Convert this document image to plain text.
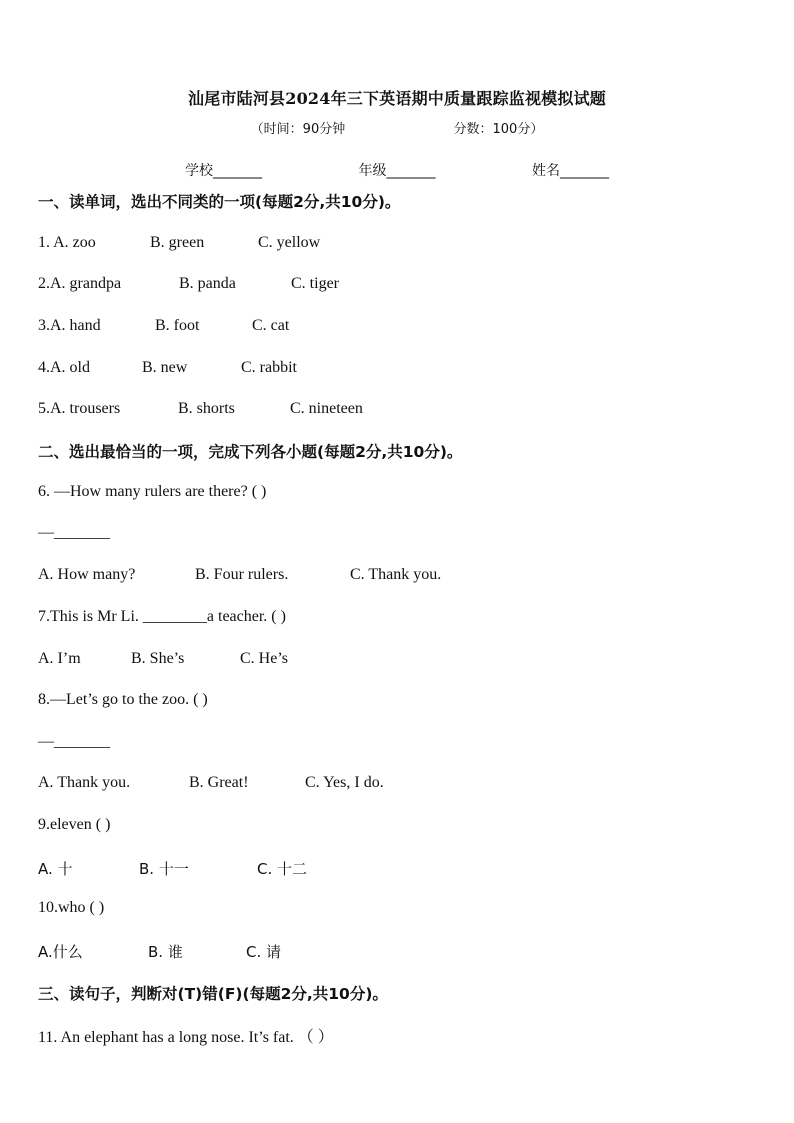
汕尾市陆河县2024年三下英语期中质量跟踪监视模拟试题
（时间：90分钟	分数：100分）
学校_______	年级_______	姓名_______
一、读单词，选出不同类的一项(每题2分,共10分)。
1. A. zoo	B. green	C. yellow
2.A. grandpa	B. panda	C. tiger
3.A. hand	B. foot	C. cat
4.A. old	B. new	C. rabbit
5.A. trousers	B. shorts	C. nineteen
二、选出最恰当的一项，完成下列各小题(每题2分,共10分)。
6. —How many rulers are there? ( )
—_______
A. How many?	B. Four rulers.	C. Thank you.
7.This is Mr Li. ________a teacher. ( )
A. I’m	B. She’s	C. He’s
8.—Let’s go to the zoo. ( )
—_______
A. Thank you.	B. Great!	C. Yes, I do.
9.eleven ( )
A. 十	B. 十一	C. 十二
10.who ( )
A.什么	B. 谁	C. 请
三、读句子，判断对(T)错(F)(每题2分,共10分)。
11. An elephant has a long nose. It’s fat. （ ）
